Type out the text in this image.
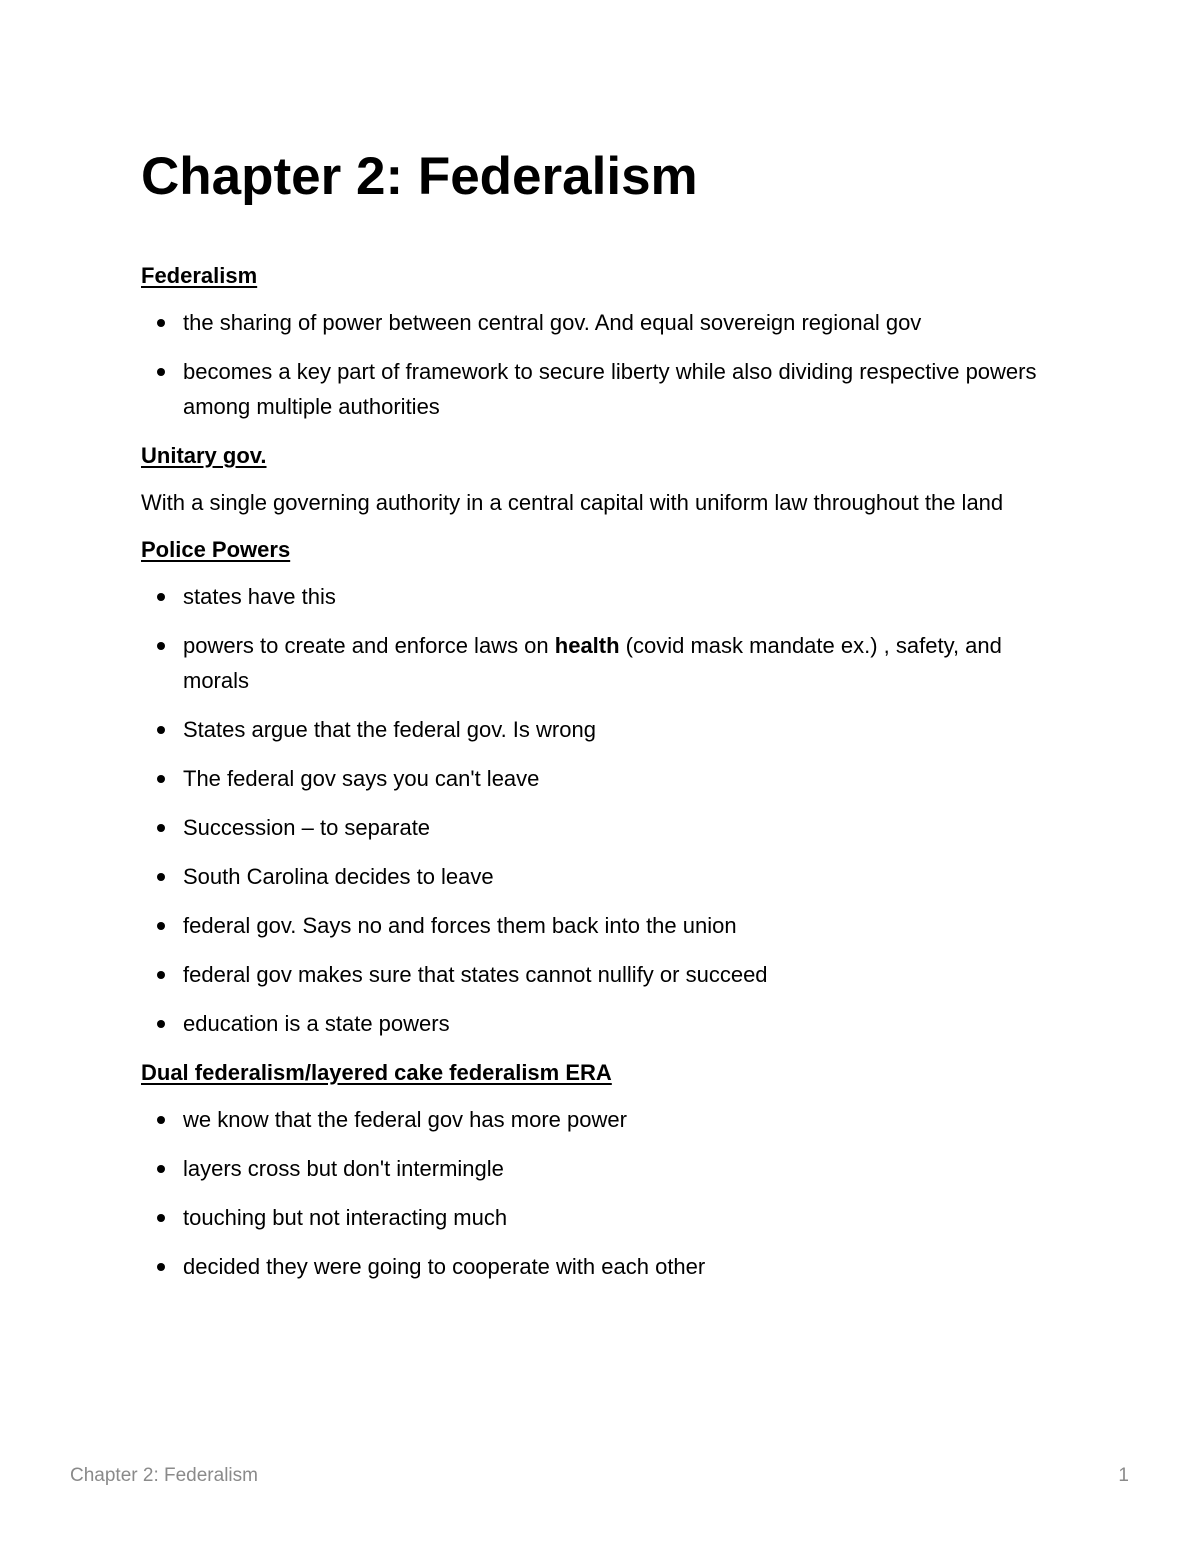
Chapter 2: Federalism
Federalism
the sharing of power between central gov. And equal sovereign regional gov
becomes a key part of framework to secure liberty while also dividing respective powers among multiple authorities
Unitary gov.

With a single governing authority in a central capital with uniform law throughout the land

Police Powers
states have this
powers to create and enforce laws on health (covid mask mandate ex.) , safety, and morals
States argue that the federal gov. Is wrong
The federal gov says you can't leave
Succession – to separate
South Carolina decides to leave
federal gov. Says no and forces them back into the union
federal gov makes sure that states cannot nullify or succeed
education is a state powers
Dual federalism/layered cake federalism ERA
we know that the federal gov has more power
layers cross but don't intermingle
touching but not interacting much
decided they were going to cooperate with each other
Chapter 2: Federalism	1
